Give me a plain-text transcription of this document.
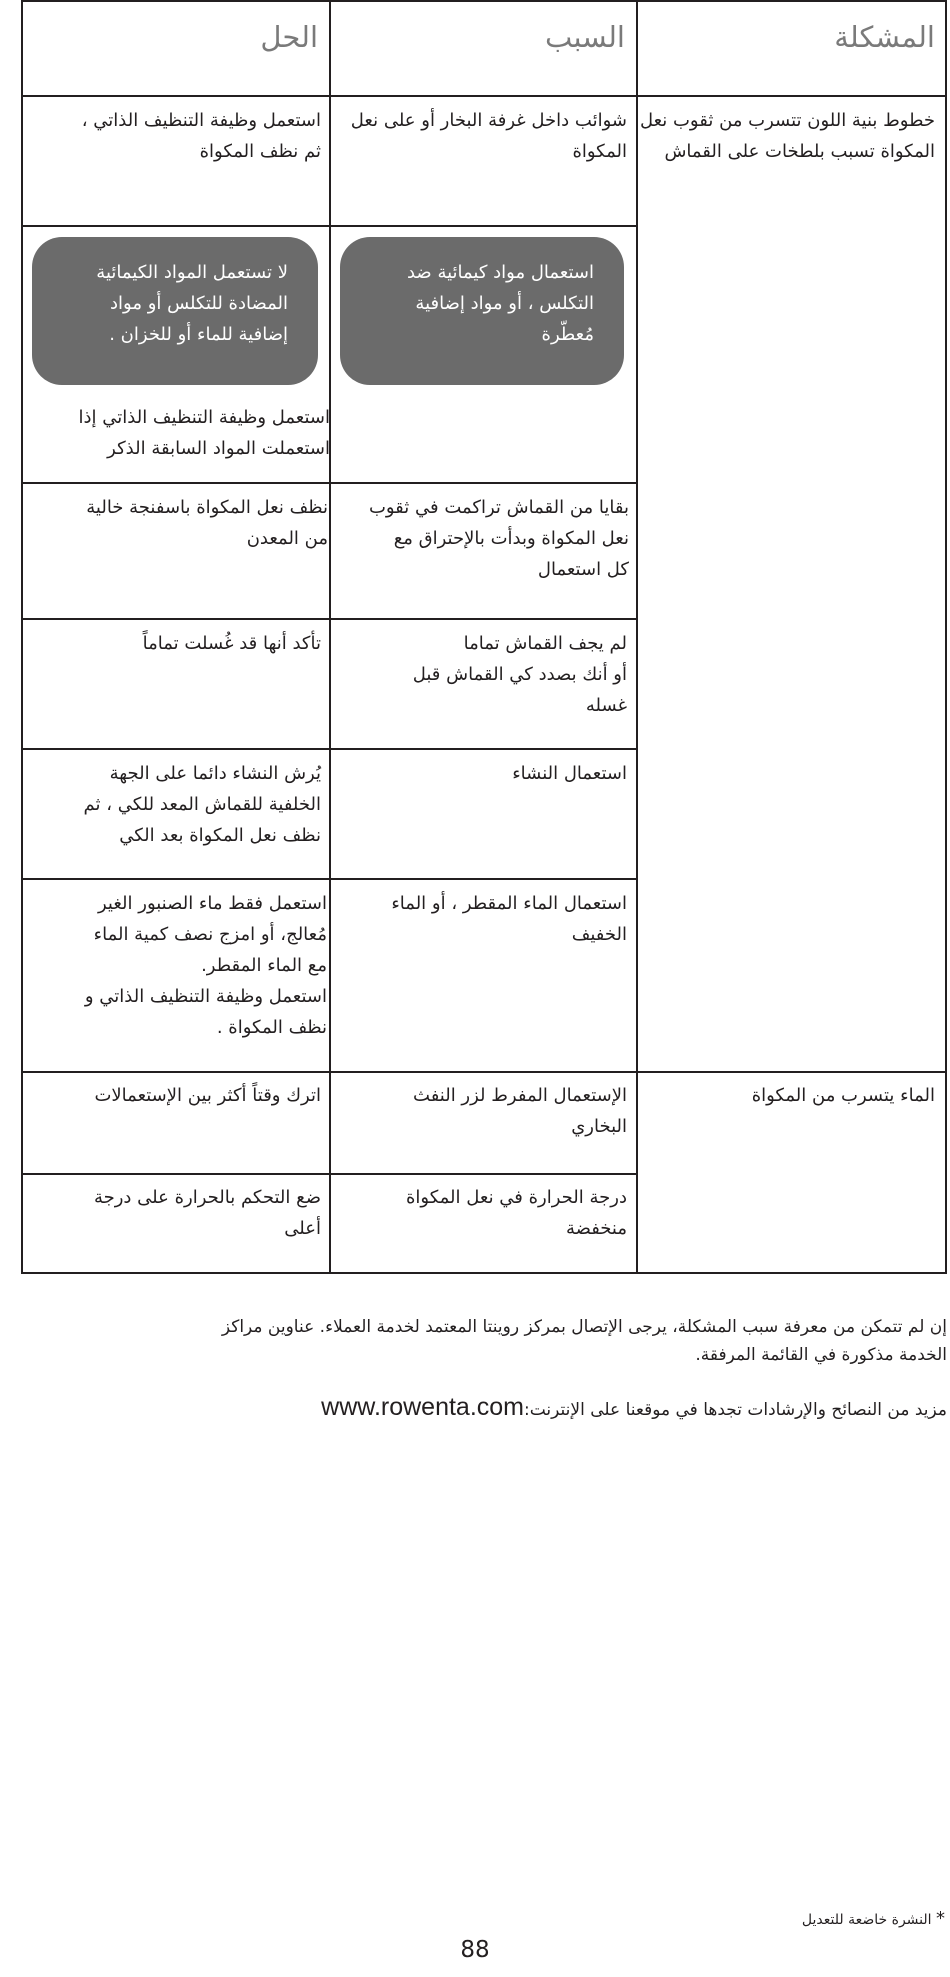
المشكلة
السبب
الحل
خطوط بنية اللون تتسرب من ثقوب نعل المكواة تسبب بلطخات على القماش
الماء يتسرب من المكواة
شوائب داخل غرفة البخار أو على نعل المكواة
استعمل وظيفة التنظيف الذاتي ،
ثم نظف المكواة
استعمال مواد كيمائية ضد
التكلس ، أو مواد إضافية
مُعطّرة
لا تستعمل المواد الكيمائية
المضادة للتكلس أو مواد
إضافية للماء أو للخزان .
استعمل وظيفة التنظيف الذاتي إذا
استعملت المواد السابقة الذكر
بقايا من القماش تراكمت في ثقوب
نعل المكواة وبدأت بالإحتراق مع
كل استعمال
نظف نعل المكواة باسفنجة خالية
من المعدن
لم يجف القماش تماما
أو أنك بصدد كي القماش قبل
غسله
تأكد أنها قد غُسلت تماماً
استعمال النشاء
يُرش النشاء دائما على الجهة
الخلفية للقماش المعد للكي ، ثم
نظف نعل المكواة بعد الكي
استعمال الماء المقطر ، أو الماء
الخفيف
استعمل فقط ماء الصنبور الغير
مُعالج، أو امزج نصف كمية الماء
مع الماء المقطر.
استعمل وظيفة التنظيف الذاتي و
نظف المكواة .
الإستعمال المفرط لزر النفث
البخاري
اترك وقتاً أكثر بين الإستعمالات
درجة الحرارة في نعل المكواة
منخفضة
ضع التحكم بالحرارة على درجة
أعلى
إن لم تتمكن من معرفة سبب المشكلة، يرجى الإتصال بمركز روينتا المعتمد لخدمة العملاء. عناوين مراكز
الخدمة مذكورة في القائمة المرفقة.
مزيد من النصائح والإرشادات تجدها في موقعنا على الإنترنت:www.rowenta.com
* النشرة خاضعة للتعديل
88
